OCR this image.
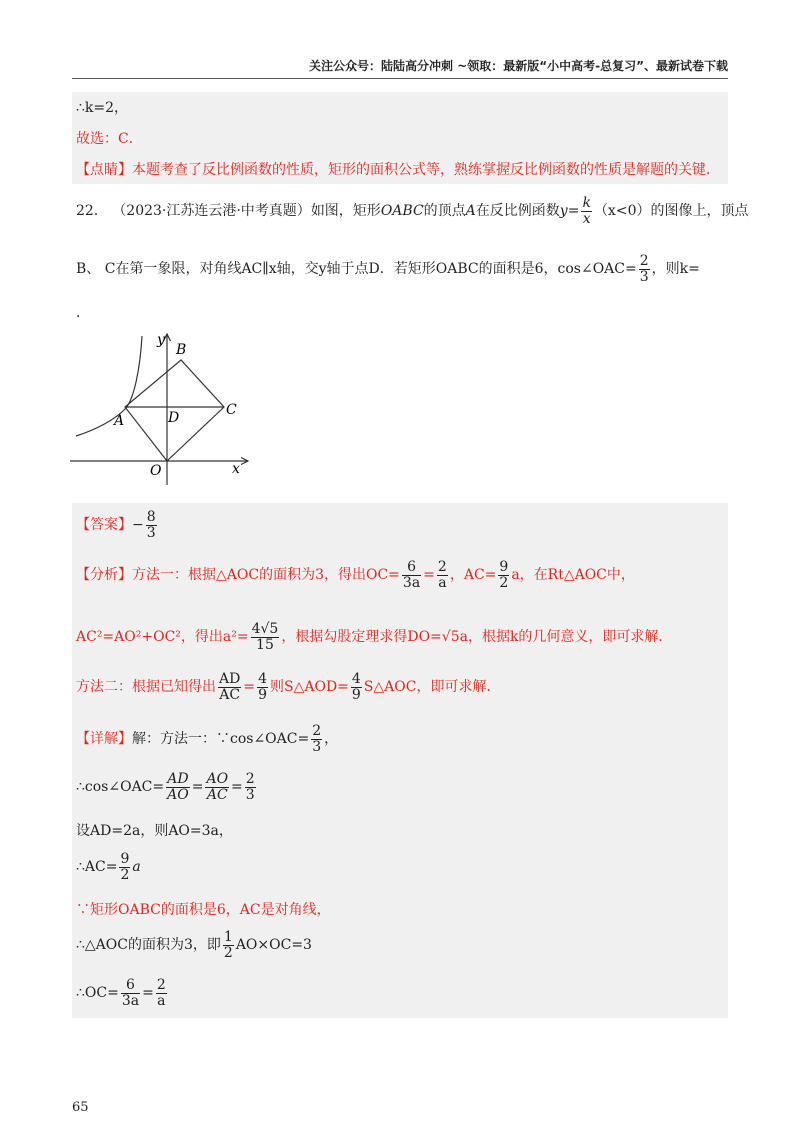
关注公众号：陆陆高分冲刺 ~领取：最新版“小中高考-总复习”、最新试卷下载
∴k=2，
故选：C．
【点睛】本题考查了反比例函数的性质，矩形的面积公式等，熟练掌握反比例函数的性质是解题的关键．
22． （2023·江苏连云港·中考真题）如图，矩形OABC的顶点A在反比例函数$y= \frac{k}{x} (x<0)$的图像上，顶点
B、 C在第一象限，对角线AC∥x轴，交y轴于点D．若矩形OABC的面积是6，cos∠OAC= $\frac{2}{3}$ ，则k=
．
y
B
A	D	C
O	x
【答案】− $\frac{8}{3}$
【分析】方法一：根据△AOC的面积为3，得出$OC= \frac{6}{3a} = \frac{2}{a}$ ，$AC= \frac{9}{2}$ a，在Rt△AOC中，
AC²=AO²+OC²，得出$a^2= \frac{4√5}{15}$ ，根据勾股定理求得DO=√5a，根据k的几何意义，即可求解．
方法二：根据已知得出 $\frac{AD}{AC} = \frac{4}{9}$ 则S△AOD= $\frac{4}{9}$ S△AOC，即可求解．
【详解】解：方法一：∵cos∠OAC= $\frac{2}{3}$ ，
∴cos∠OAC= $\frac{AD}{AO} = \frac{AO}{AC} = \frac{2}{3}$
设AD=2a，则AO=3a，
∴AC= $\frac{9}{2}$ a
∵矩形OABC的面积是6，AC是对角线，
∴△AOC的面积为3，即 $\frac{1}{2} AO\times OC=3$
∴OC= $\frac{6}{3a} = \frac{2}{a}$
65
